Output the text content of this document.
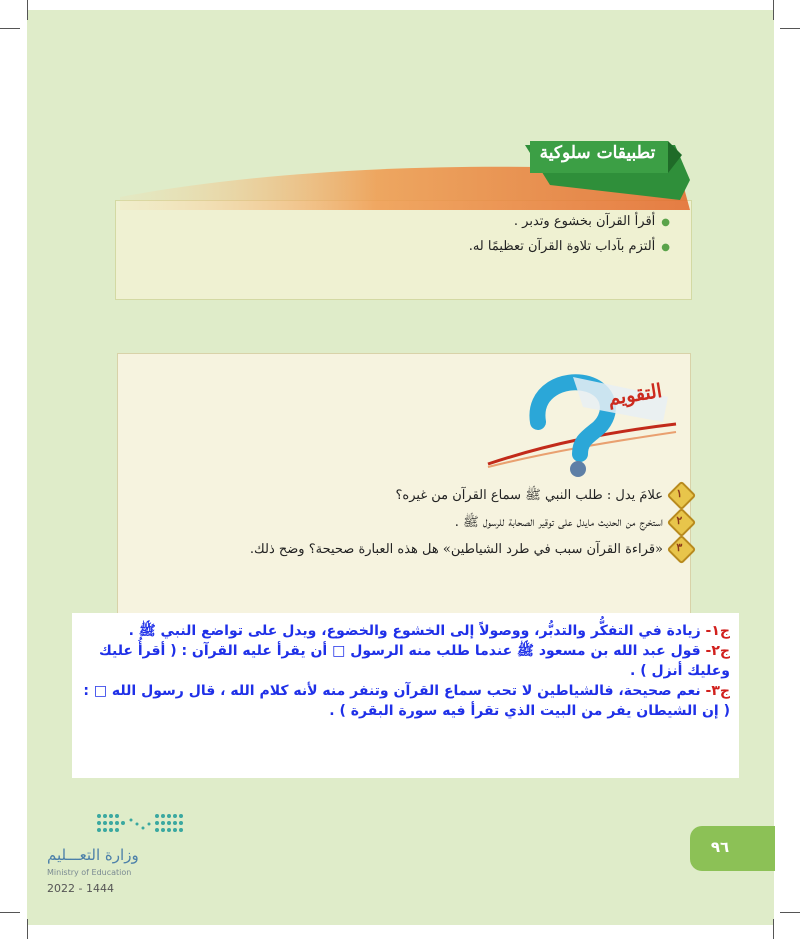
تطبيقات سلوكية
●أقرأ القرآن بخشوع وتدبر .
●ألتزم بآداب تلاوة القرآن تعظيمًا له.
التقويم
١
علامَ يدل : طلب النبي ﷺ سماع القرآن من غيره؟
٢
استخرج من الحديث مايدل على توقير الصحابة للرسول ﷺ .
٣
«قراءة القرآن سبب في طرد الشياطين» هل هذه العبارة صحيحة؟ وضح ذلك.

ج١- زيادة في التفكُّر والتدبُّر، ووصولاً إلى الخشوع والخضوع، ويدل على تواضع النبي ﷺ .

ج٢- قول عبد الله بن مسعود ﷺ عندما طلب منه الرسول □ أن يقرأ عليه القرآن : ( أقرأُ عليك وعليك أنزل ) .

ج٣- نعم صحيحة، فالشياطين لا تحب سماع القرآن وتنفر منه لأنه كلام الله ، قال رسول الله □ : ( إن الشيطان يفر من البيت الذي تقرأ فيه سورة البقرة ) .

٩٦
وزارة التعـــليم
Ministry of Education
2022 - 1444
